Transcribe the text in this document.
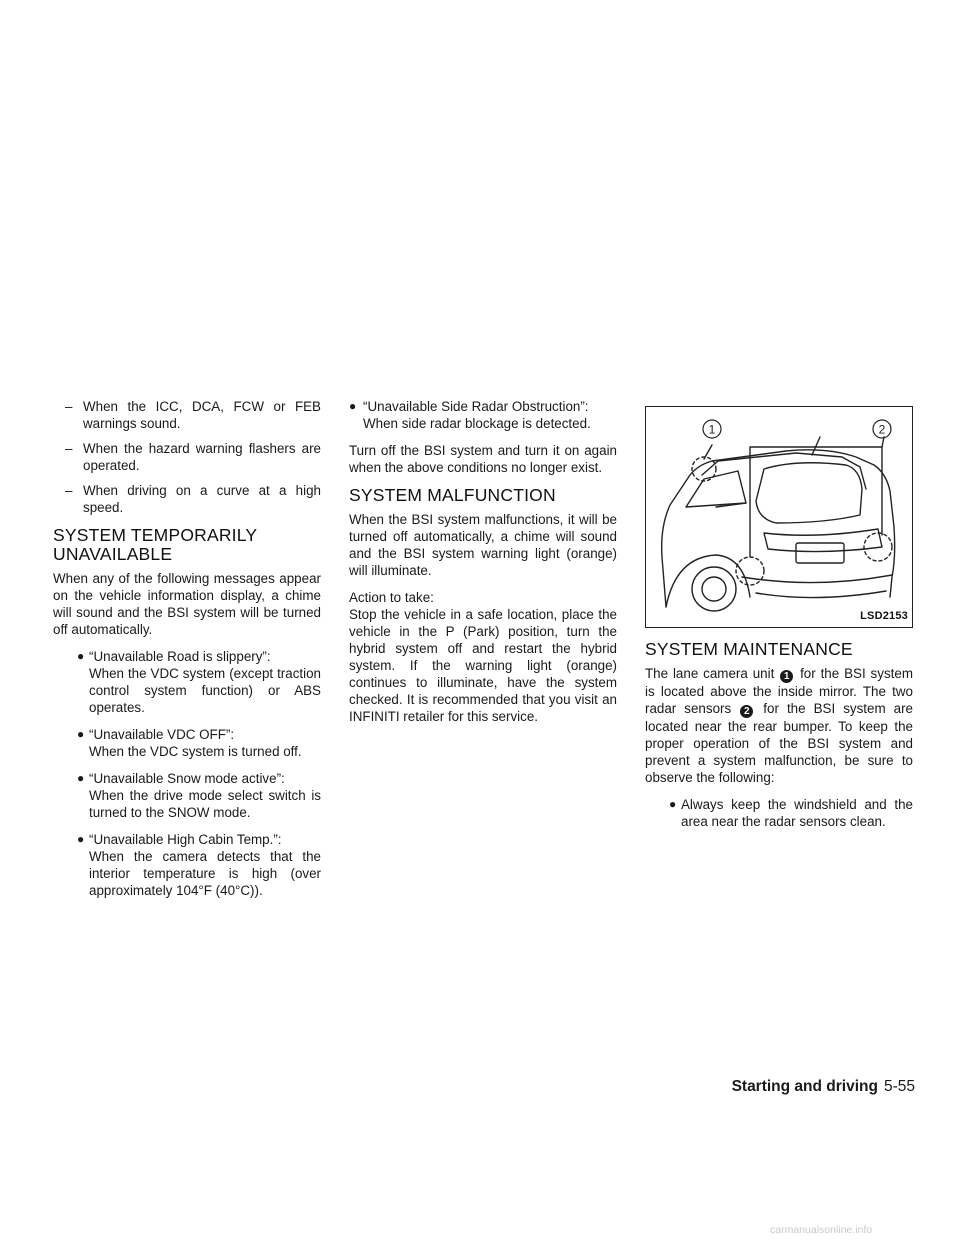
– When the ICC, DCA, FCW or FEB warnings sound.
– When the hazard warning flashers are operated.
– When driving on a curve at a high speed.
SYSTEM TEMPORARILY UNAVAILABLE

When any of the following messages appear on the vehicle information display, a chime will sound and the BSI system will be turned off automatically.

● “Unavailable Road is slippery”:
When the VDC system (except traction control system function) or ABS operates.
● “Unavailable VDC OFF”:
When the VDC system is turned off.
● “Unavailable Snow mode active”:
When the drive mode select switch is turned to the SNOW mode.
● “Unavailable High Cabin Temp.”:
When the camera detects that the interior temperature is high (over approximately 104°F (40°C)).
● “Unavailable Side Radar Obstruction”:
When side radar blockage is detected.

Turn off the BSI system and turn it on again when the above conditions no longer exist.

SYSTEM MALFUNCTION

When the BSI system malfunctions, it will be turned off automatically, a chime will sound and the BSI system warning light (orange) will illuminate.

Action to take:
Stop the vehicle in a safe location, place the vehicle in the P (Park) position, turn the hybrid system off and restart the hybrid system. If the warning light (orange) continues to illuminate, have the system checked. It is recommended that you visit an INFINITI retailer for this service.

1	2
LSD2153
SYSTEM MAINTENANCE

The lane camera unit 1 for the BSI system is located above the inside mirror. The two radar sensors 2 for the BSI system are located near the rear bumper. To keep the proper operation of the BSI system and prevent a system malfunction, be sure to observe the following:

● Always keep the windshield and the area near the radar sensors clean.
Starting and driving 5-55
carmanualsonline.info
